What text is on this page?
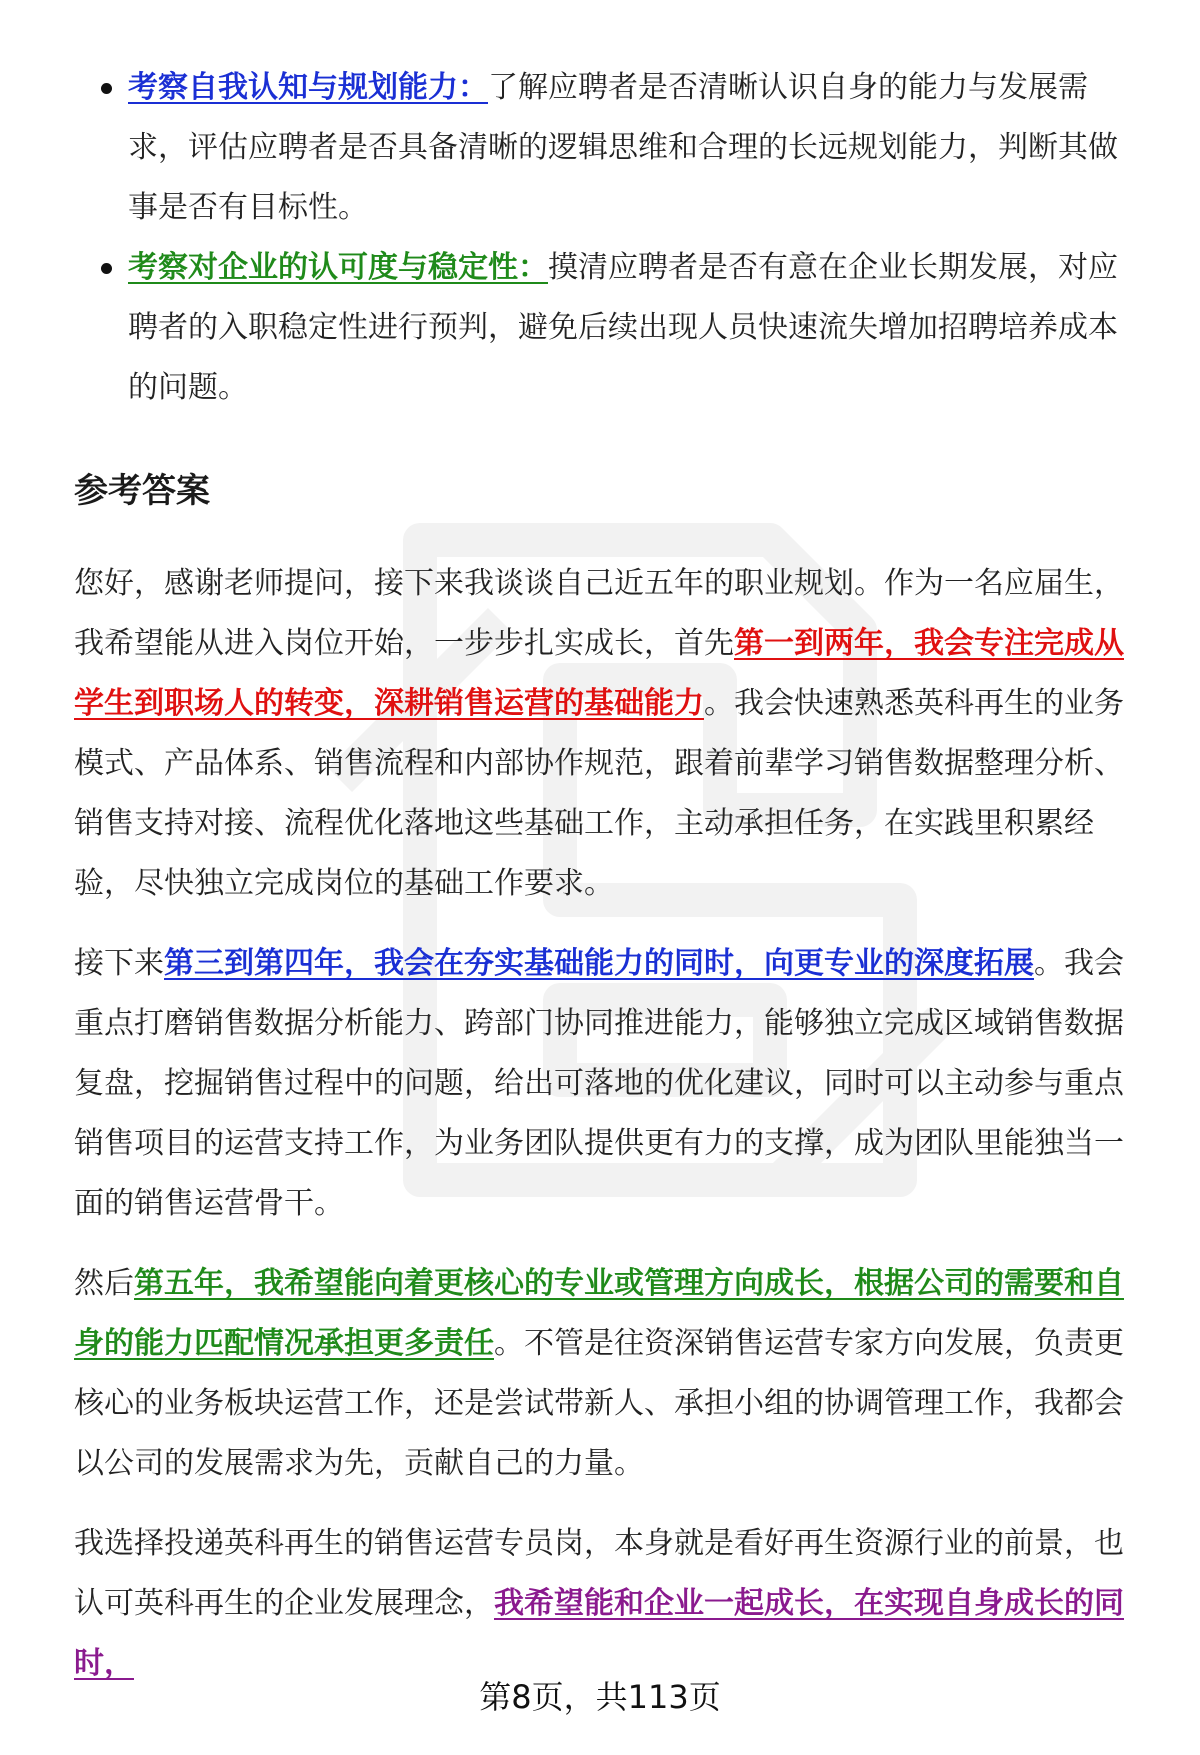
考察自我认知与规划能力：了解应聘者是否清晰认识自身的能力与发展需求，评估应聘者是否具备清晰的逻辑思维和合理的长远规划能力，判断其做事是否有目标性。
考察对企业的认可度与稳定性：摸清应聘者是否有意在企业长期发展，对应聘者的入职稳定性进行预判，避免后续出现人员快速流失增加招聘培养成本的问题。
参考答案

您好，感谢老师提问，接下来我谈谈自己近五年的职业规划。作为一名应届生，我希望能从进入岗位开始，一步步扎实成长，首先第一到两年，我会专注完成从学生到职场人的转变，深耕销售运营的基础能力。我会快速熟悉英科再生的业务模式、产品体系、销售流程和内部协作规范，跟着前辈学习销售数据整理分析、销售支持对接、流程优化落地这些基础工作，主动承担任务，在实践里积累经验，尽快独立完成岗位的基础工作要求。

接下来第三到第四年，我会在夯实基础能力的同时，向更专业的深度拓展。我会重点打磨销售数据分析能力、跨部门协同推进能力，能够独立完成区域销售数据复盘，挖掘销售过程中的问题，给出可落地的优化建议，同时可以主动参与重点销售项目的运营支持工作，为业务团队提供更有力的支撑，成为团队里能独当一面的销售运营骨干。

然后第五年，我希望能向着更核心的专业或管理方向成长，根据公司的需要和自身的能力匹配情况承担更多责任。不管是往资深销售运营专家方向发展，负责更核心的业务板块运营工作，还是尝试带新人、承担小组的协调管理工作，我都会以公司的发展需求为先，贡献自己的力量。

我选择投递英科再生的销售运营专员岗，本身就是看好再生资源行业的前景，也认可英科再生的企业发展理念，我希望能和企业一起成长，在实现自身成长的同时，

第8页，共113页
